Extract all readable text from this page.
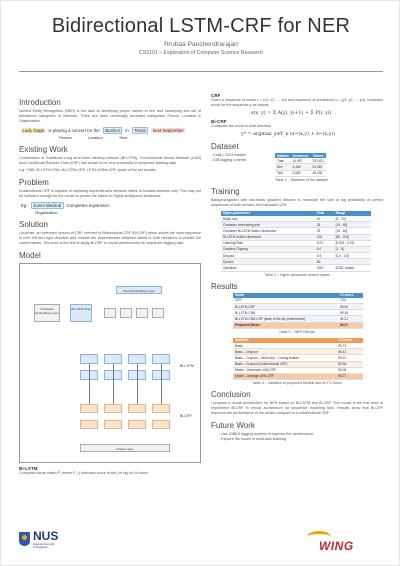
Bidirectional LSTM-CRF for NER
Rrubaa Panchendrarajan
CS6101 – Exploration of Computer Science Research
Introduction
Named Entity Recognition (NER) is the task of identifying proper names in text and classifying into set of predefined categories of interests. There are three universally accepted categories: Person, Location & Organization.
Lady Gaga	is playing a concert for the	Bushes	in	Texas	next September
Person	Location	Time
Existing Work
Combination of Traditional Long short-term memory network (Bi-LSTM), Convolutional Neural Network (CNN) and Conditional Random Field (CRF) has shown to be very successful in sequence labeling task.
e.g. CNN, Bi-LSTM-CNN, Bi-LSTM-CRF, LSTM-CNNs-CRF (state-of-the-art results)
Problem
Unidirectional CRF is capable of capturing dependencies between labels in forward direction only. This may not be sufficient enough for the model to predict the labels for highly ambiguous sentences.
Eg:	Jones Medical	Completes expansion.
Organization
Solution
I propose, an extended version of CRF, referred to Bidirectional CRF (Bi-CRF) which solves the input sequence in both left and right direction and models the dependencies between labels in both directions to predict the correct labels. This work is the first to apply Bi-CRF to neural architectures for sequence tagging task.
Model
Word Embedding Layer
Character Embedding Layer
Bi-LSTM Char
Bi-LSTM
Bi-CRF
Output Layer
Bi-LSTM
Computes score matrix P, where P_i,j indicates score of the j-th tag of i-th word.
CRF
Given a sequence of words x = (x1, x2, ..., xn) and sequence of predictions y = (y1, y2, ..., yn), computes score for the sequence y as follows
s(x, y) = Σ A(yi, yi+1) + Σ P(i, yi)
Bi-CRF
Computes the score in both direction
y* = argmax_y∈Y_x (s→(x,y) + s←(x,y))
Dataset
- CoNLL 2003 dataset
- IOB tagging scheme
Dataset	Sentences	Tokens
Train	14,987	203,621
Dev	3,466	51,362
Test	3,684	46,435
Table 1 – Statistics of the dataset
Training
Backpropagation with stochastic gradient descent to maximize the sum of log probability of correct sequences of both forward and backward CRF.
Hyper-parameters	Final	Range
Batch size	10	[5 - 20]
Character embedding size	25	[10 - 60]
Character Bi-LSTM hidden dimension	25	[10 - 60]
Bi-LSTM hidden dimension	100	[50 - 200]
Learning Rate	0.01	[0.001 - 0.01]
Gradient Clipping	5.0	[1 - 5]
Dropout	0.5	[0.0 - 0.5]
Epochs	50	
Optimizer	SGD	[SGD, Adam]
Table 2 – Hyper-parameter search space
Results
Model	F1-Score
CRF	79.0
Bi-LSTM-CRF	90.94
Bi-LSTM-CNN	89.36
Bi-LSTM-CNN-CRF (state of the art performance)	91.21
Proposed Model	90.27
Table 3 – NER Results
Variation	F1-Score
Basic	90.73
Basic – Dropout	89.42
Basic – Dropout – Word sep – Casing feature	89.10
Basic – Dropout (Unidirectional CRF)	89.56
Model – Maximum of Bi-CRF	90.08
Model – Average of Bi-CRF	90.27
Table 4 – Variation of proposed Models and its F1-Score
Conclusion
I propose a neural architecture for NER based on Bi-LSTM and Bi-CRF. This model is the first work to experiment Bi-CRF in neural architecture for sequence modeling task. Results show that Bi-CRF improves the performance of the model compare to a unidirectional CRF.
Future Work
- Use IOBES tagging scheme to improve the performance
- Explore the model in multi-task learning
NUS
National University
of Singapore	WING
